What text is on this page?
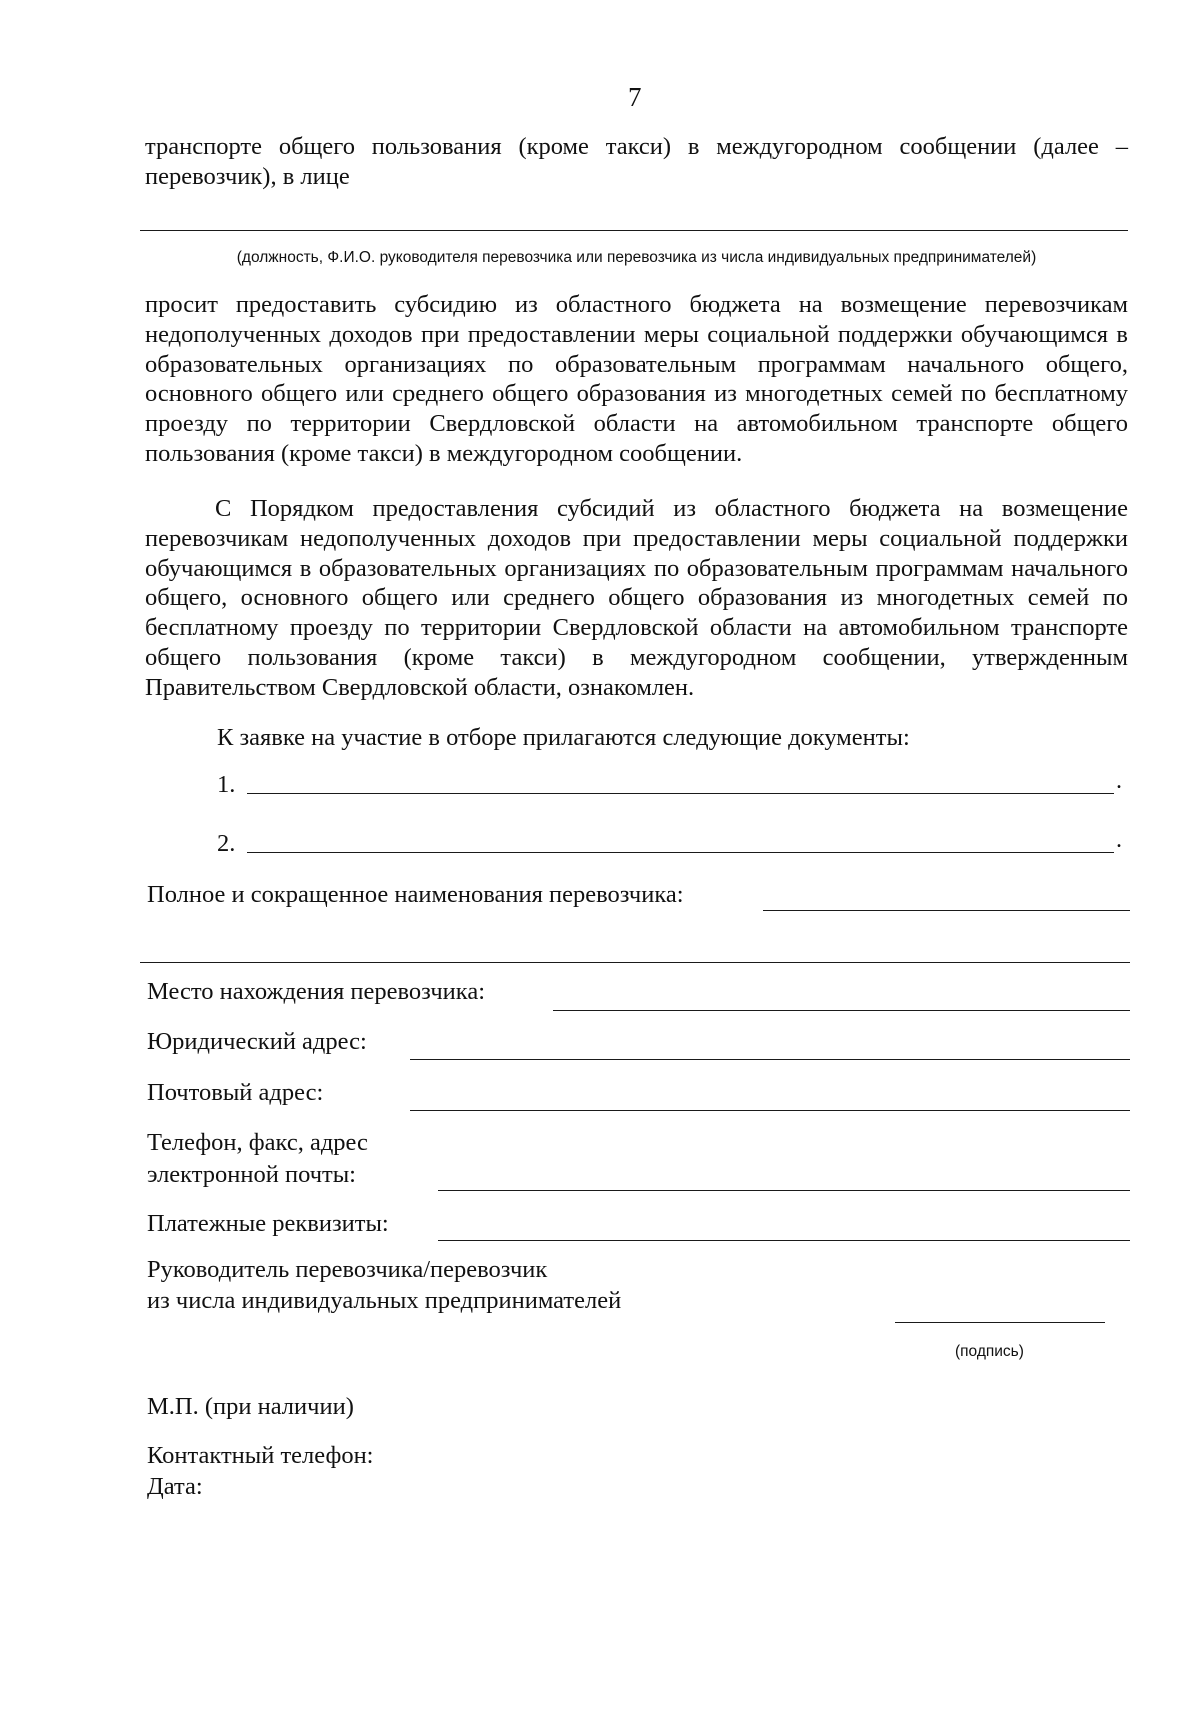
7

транспорте общего пользования (кроме такси) в междугородном сообщении (далее – перевозчик), в лице

(должность, Ф.И.О. руководителя перевозчика или перевозчика из числа индивидуальных предпринимателей)

просит предоставить субсидию из областного бюджета на возмещение перевозчикам недополученных доходов при предоставлении меры социальной поддержки обучающимся в образовательных организациях по образовательным программам начального общего, основного общего или среднего общего образования из многодетных семей по бесплатному проезду по территории Свердловской области на автомобильном транспорте общего пользования (кроме такси) в междугородном сообщении.

С Порядком предоставления субсидий из областного бюджета на возмещение перевозчикам недополученных доходов при предоставлении меры социальной поддержки обучающимся в образовательных организациях по образовательным программам начального общего, основного общего или среднего общего образования из многодетных семей по бесплатному проезду по территории Свердловской области на автомобильном транспорте общего пользования (кроме такси) в междугородном сообщении, утвержденным Правительством Свердловской области, ознакомлен.

К заявке на участие в отборе прилагаются следующие документы:

1.	.

2.	.

Полное и сокращенное наименования перевозчика:

Место нахождения перевозчика:

Юридический адрес:

Почтовый адрес:

Телефон, факс, адрес

электронной почты:

Платежные реквизиты:

Руководитель перевозчика/перевозчик

из числа индивидуальных предпринимателей

(подпись)

М.П. (при наличии)

Контактный телефон:

Дата:
